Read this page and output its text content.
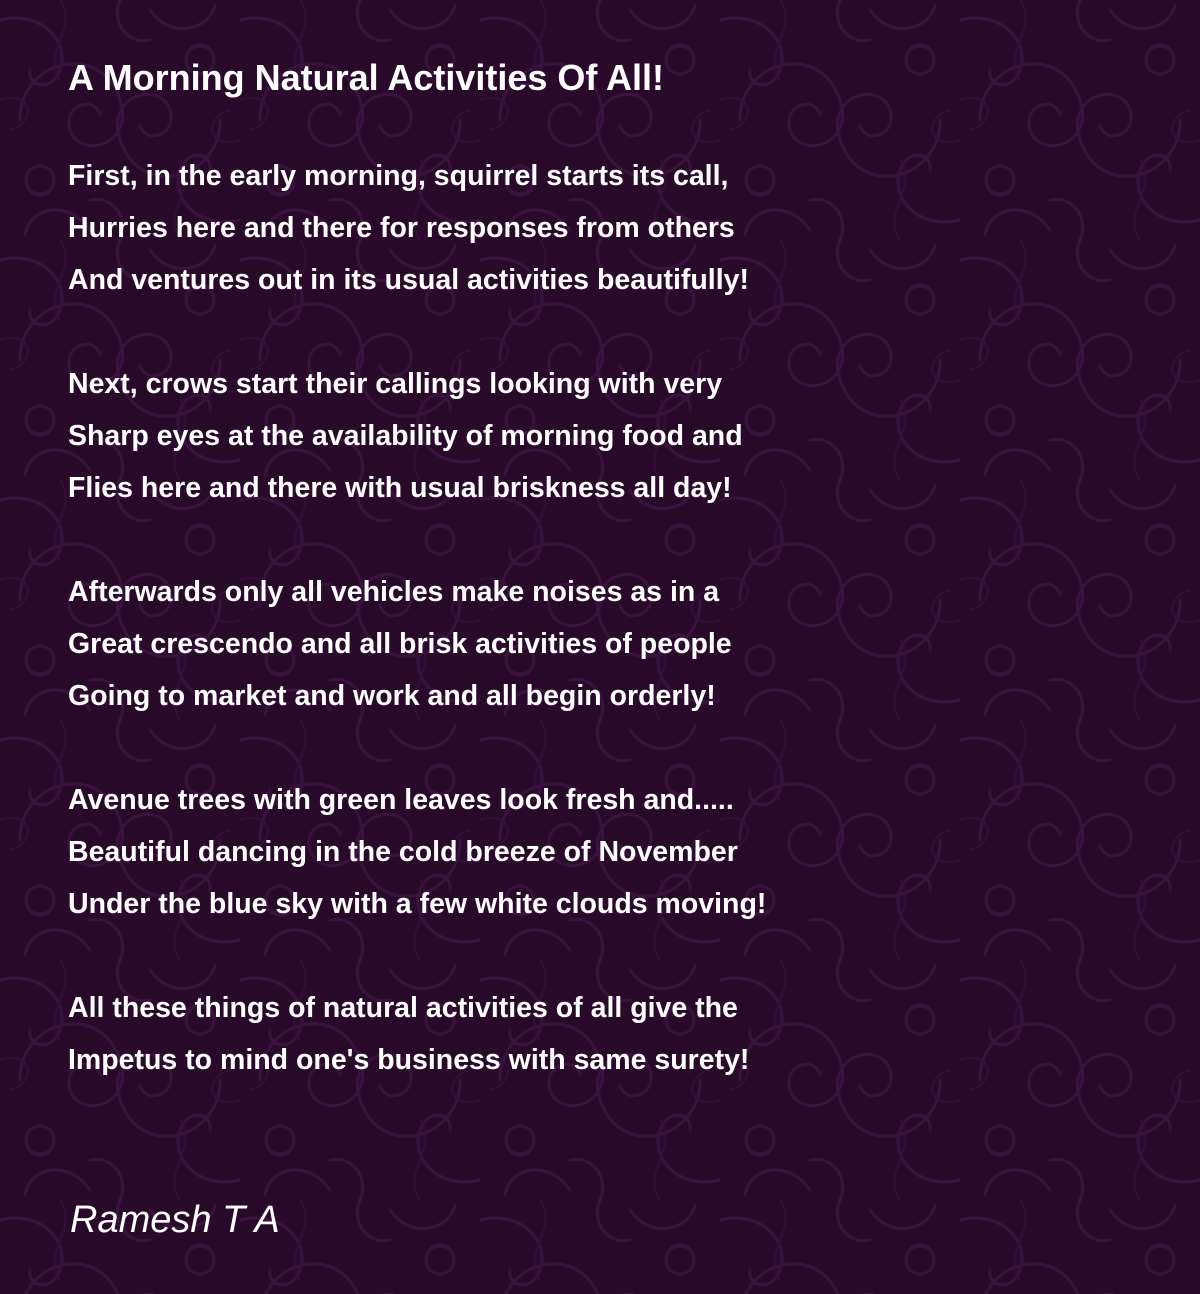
A Morning Natural Activities Of All!

First, in the early morning, squirrel starts its call,
Hurries here and there for responses from others
And ventures out in its usual activities beautifully!

Next, crows start their callings looking with very
Sharp eyes at the availability of morning food and
Flies here and there with usual briskness all day!

Afterwards only all vehicles make noises as in a
Great crescendo and all brisk activities of people
Going to market and work and all begin orderly!

Avenue trees with green leaves look fresh and.....
Beautiful dancing in the cold breeze of November
Under the blue sky with a few white clouds moving!

All these things of natural activities of all give the
Impetus to mind one's business with same surety!

Ramesh T A
